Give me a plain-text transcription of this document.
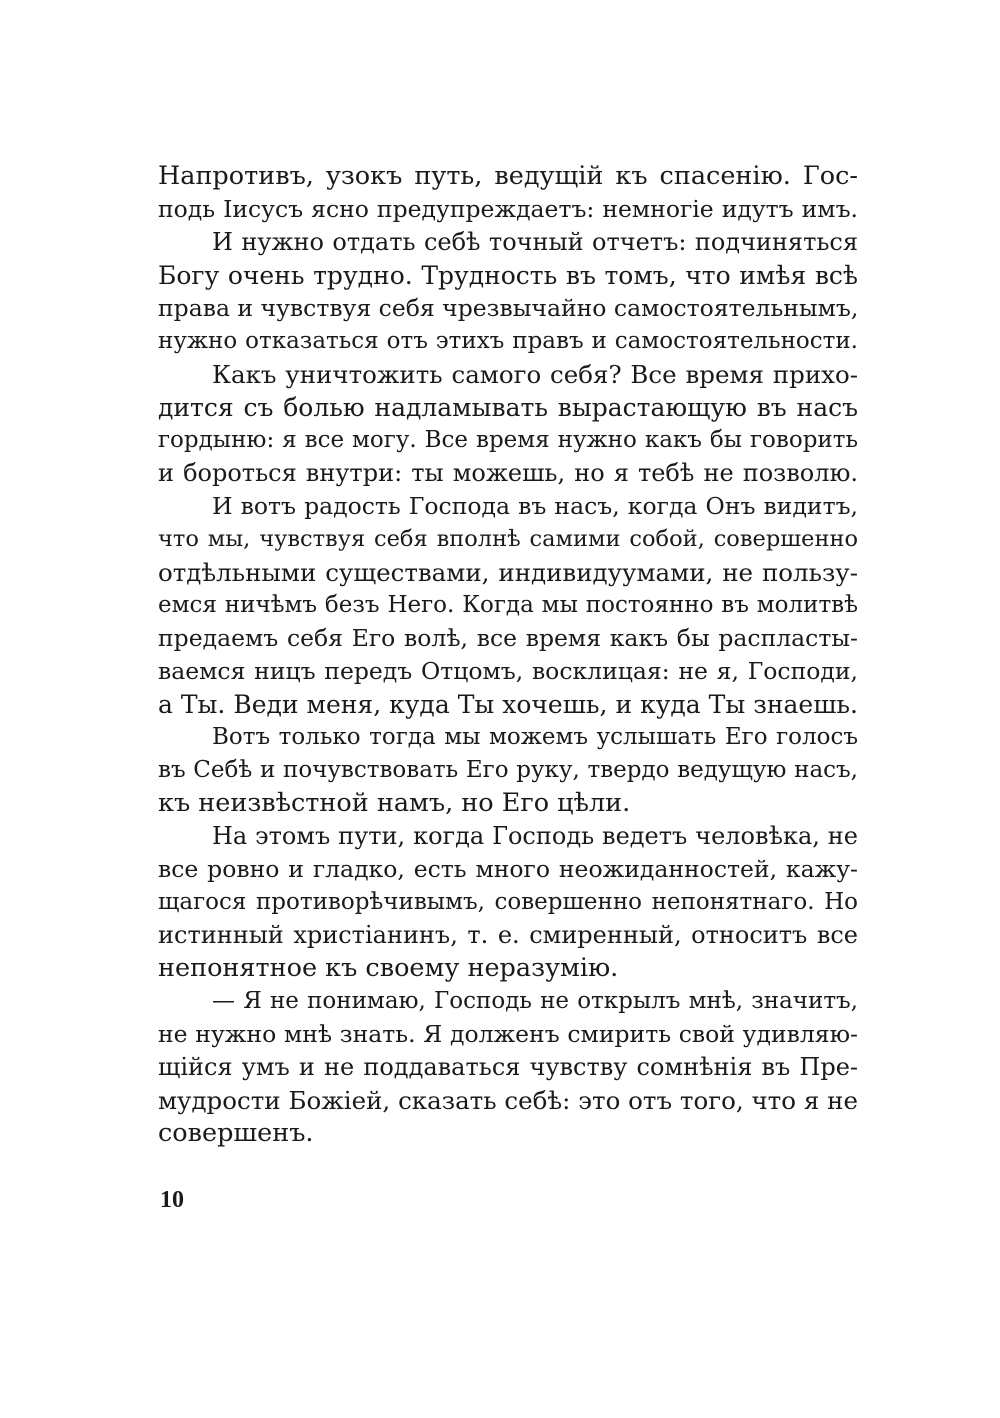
Напротивъ, узокъ путь, ведущій къ спасенію. Гос-
подь Іисусъ ясно предупреждаетъ: немногіе идутъ имъ.
И нужно отдать себѣ точный отчетъ: подчиняться
Богу очень трудно. Трудность въ томъ, что имѣя всѣ
права и чувствуя себя чрезвычайно самостоятельнымъ,
нужно отказаться отъ этихъ правъ и самостоятельности.
Какъ уничтожить самого себя? Все время прихо-
дится съ болью надламывать вырастающую въ насъ
гордыню: я все могу. Все время нужно какъ бы говорить
и бороться внутри: ты можешь, но я тебѣ не позволю.
И вотъ радость Господа въ насъ, когда Онъ видитъ,
что мы, чувствуя себя вполнѣ самими собой, совершенно
отдѣльными существами, индивидуумами, не пользу-
емся ничѣмъ безъ Него. Когда мы постоянно въ молитвѣ
предаемъ себя Его волѣ, все время какъ бы распласты-
ваемся ницъ передъ Отцомъ, восклицая: не я, Господи,
а Ты. Веди меня, куда Ты хочешь, и куда Ты знаешь.
Вотъ только тогда мы можемъ услышать Его голосъ
въ Себѣ и почувствовать Его руку, твердо ведущую насъ,
къ неизвѣстной намъ, но Его цѣли.
На этомъ пути, когда Господь ведетъ человѣка, не
все ровно и гладко, есть много неожиданностей, кажу-
щагося противорѣчивымъ, совершенно непонятнаго. Но
истинный христіанинъ, т. е. смиренный, относитъ все
непонятное къ своему неразумію.
— Я не понимаю, Господь не открылъ мнѣ, значитъ,
не нужно мнѣ знать. Я долженъ смирить свой удивляю-
щійся умъ и не поддаваться чувству сомнѣнія въ Пре-
мудрости Божіей, сказать себѣ: это отъ того, что я не
совершенъ.
10
